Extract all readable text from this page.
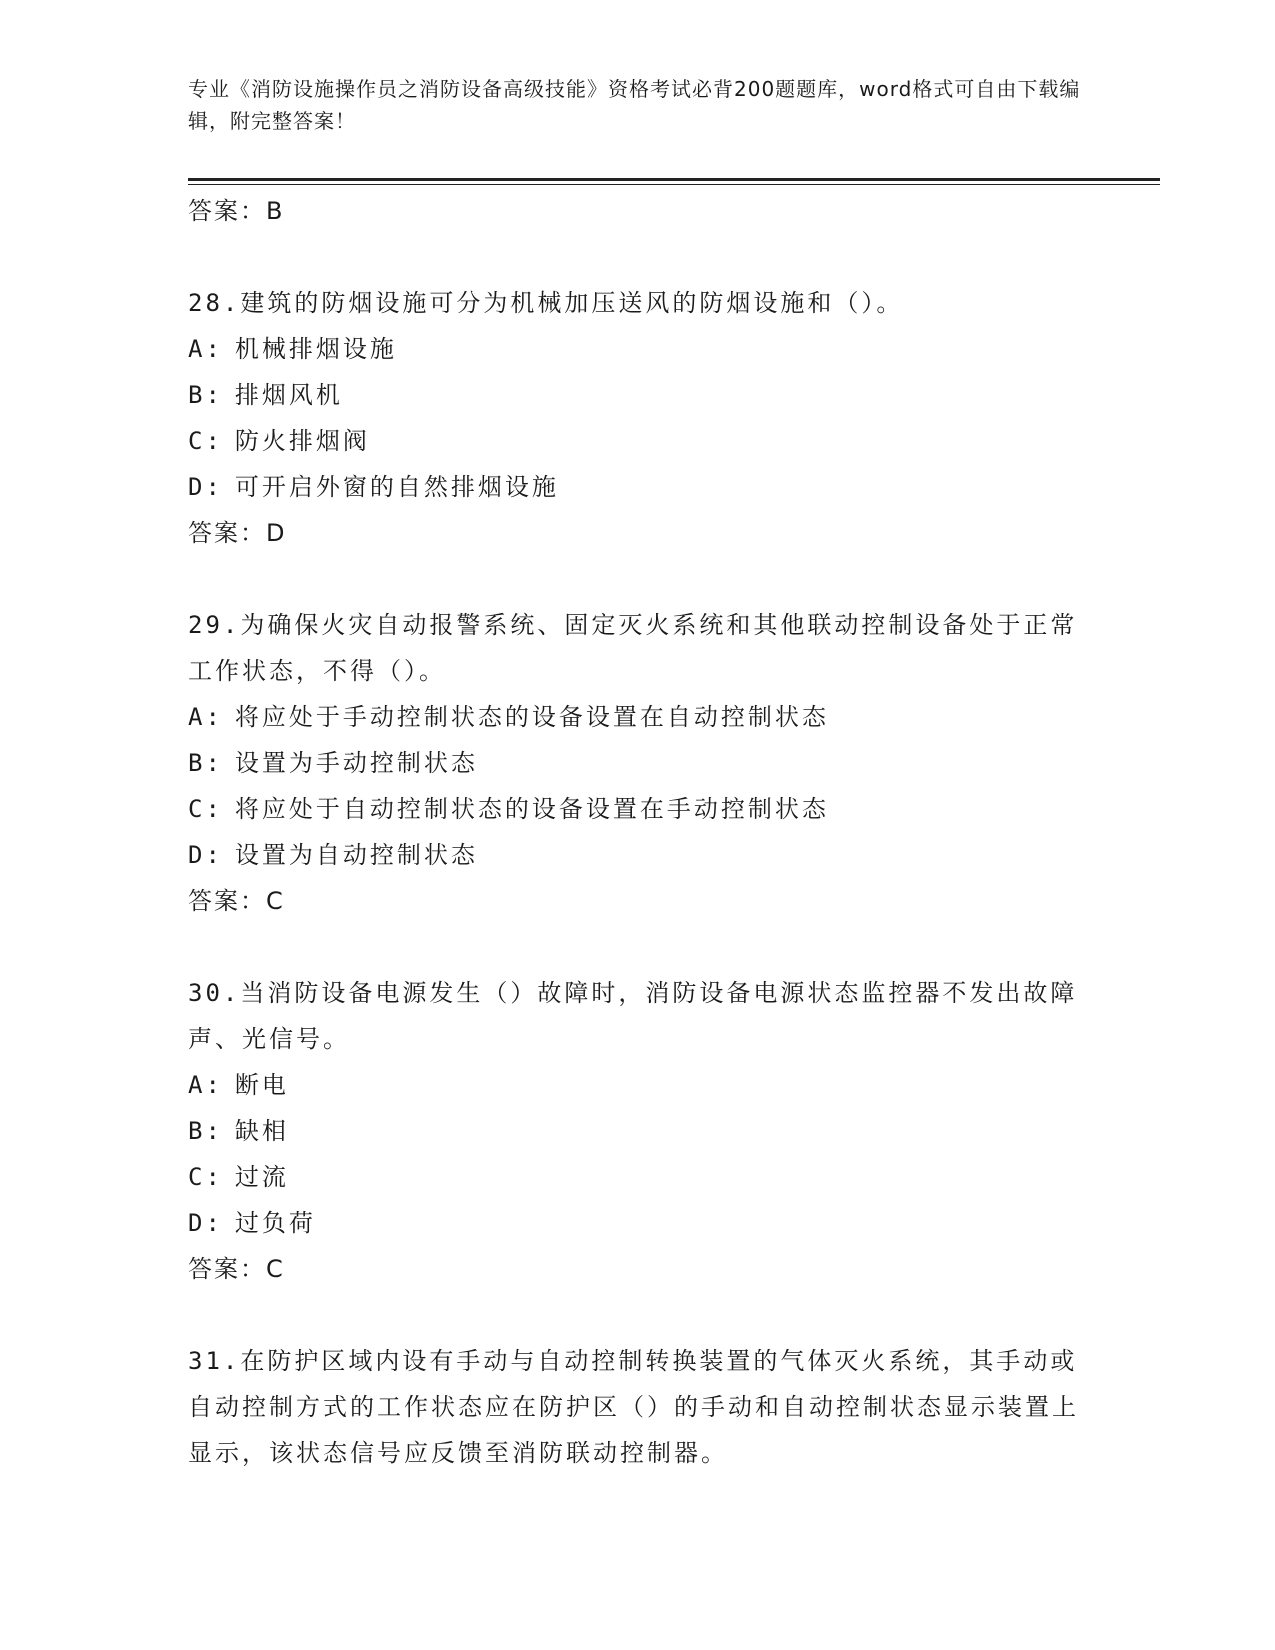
专业《消防设施操作员之消防设备高级技能》资格考试必背200题题库，word格式可自由下载编辑，附完整答案！
答案：B
28.建筑的防烟设施可分为机械加压送风的防烟设施和（）。
A: 机械排烟设施
B: 排烟风机
C: 防火排烟阀
D: 可开启外窗的自然排烟设施
答案：D
29.为确保火灾自动报警系统、固定灭火系统和其他联动控制设备处于正常工作状态，不得（）。
A: 将应处于手动控制状态的设备设置在自动控制状态
B: 设置为手动控制状态
C: 将应处于自动控制状态的设备设置在手动控制状态
D: 设置为自动控制状态
答案：C
30.当消防设备电源发生（）故障时，消防设备电源状态监控器不发出故障声、光信号。
A: 断电
B: 缺相
C: 过流
D: 过负荷
答案：C
31.在防护区域内设有手动与自动控制转换装置的气体灭火系统，其手动或自动控制方式的工作状态应在防护区（）的手动和自动控制状态显示装置上显示，该状态信号应反馈至消防联动控制器。
